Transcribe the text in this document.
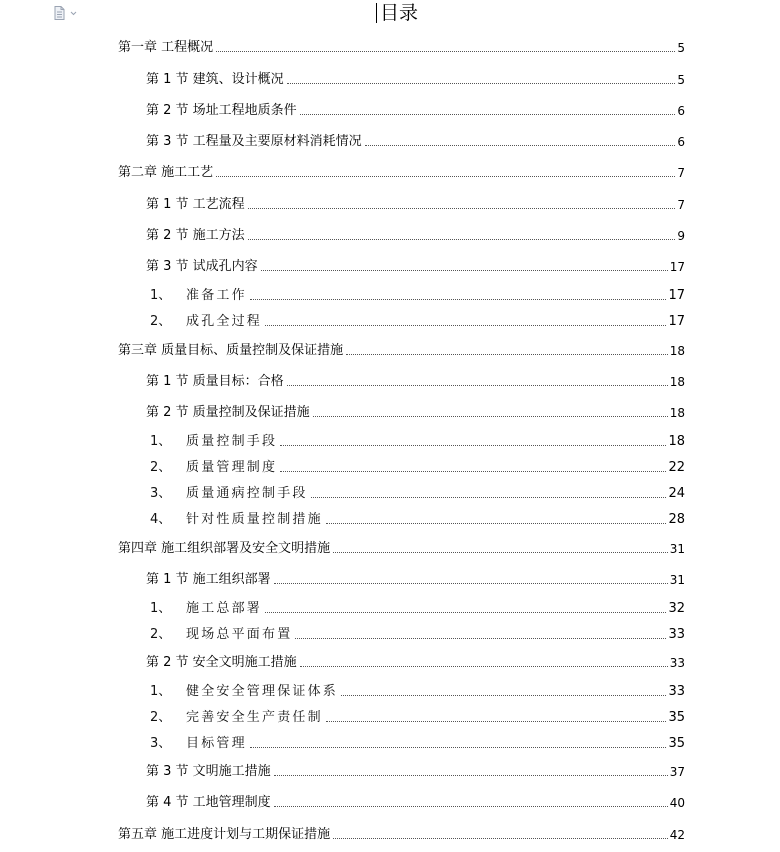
目录
第一章 工程概况	5
第 1 节 建筑、设计概况	5
第 2 节 场址工程地质条件	6
第 3 节 工程量及主要原材料消耗情况	6
第二章 施工工艺	7
第 1 节 工艺流程	7
第 2 节 施工方法	9
第 3 节 试成孔内容	17
1、 准备工作	17
2、 成孔全过程	17
第三章 质量目标、质量控制及保证措施	18
第 1 节 质量目标：合格	18
第 2 节 质量控制及保证措施	18
1、 质量控制手段	18
2、 质量管理制度	22
3、 质量通病控制手段	24
4、 针对性质量控制措施	28
第四章 施工组织部署及安全文明措施	31
第 1 节 施工组织部署	31
1、 施工总部署	32
2、 现场总平面布置	33
第 2 节 安全文明施工措施	33
1、 健全安全管理保证体系	33
2、 完善安全生产责任制	35
3、 目标管理	35
第 3 节 文明施工措施	37
第 4 节 工地管理制度	40
第五章 施工进度计划与工期保证措施	42
